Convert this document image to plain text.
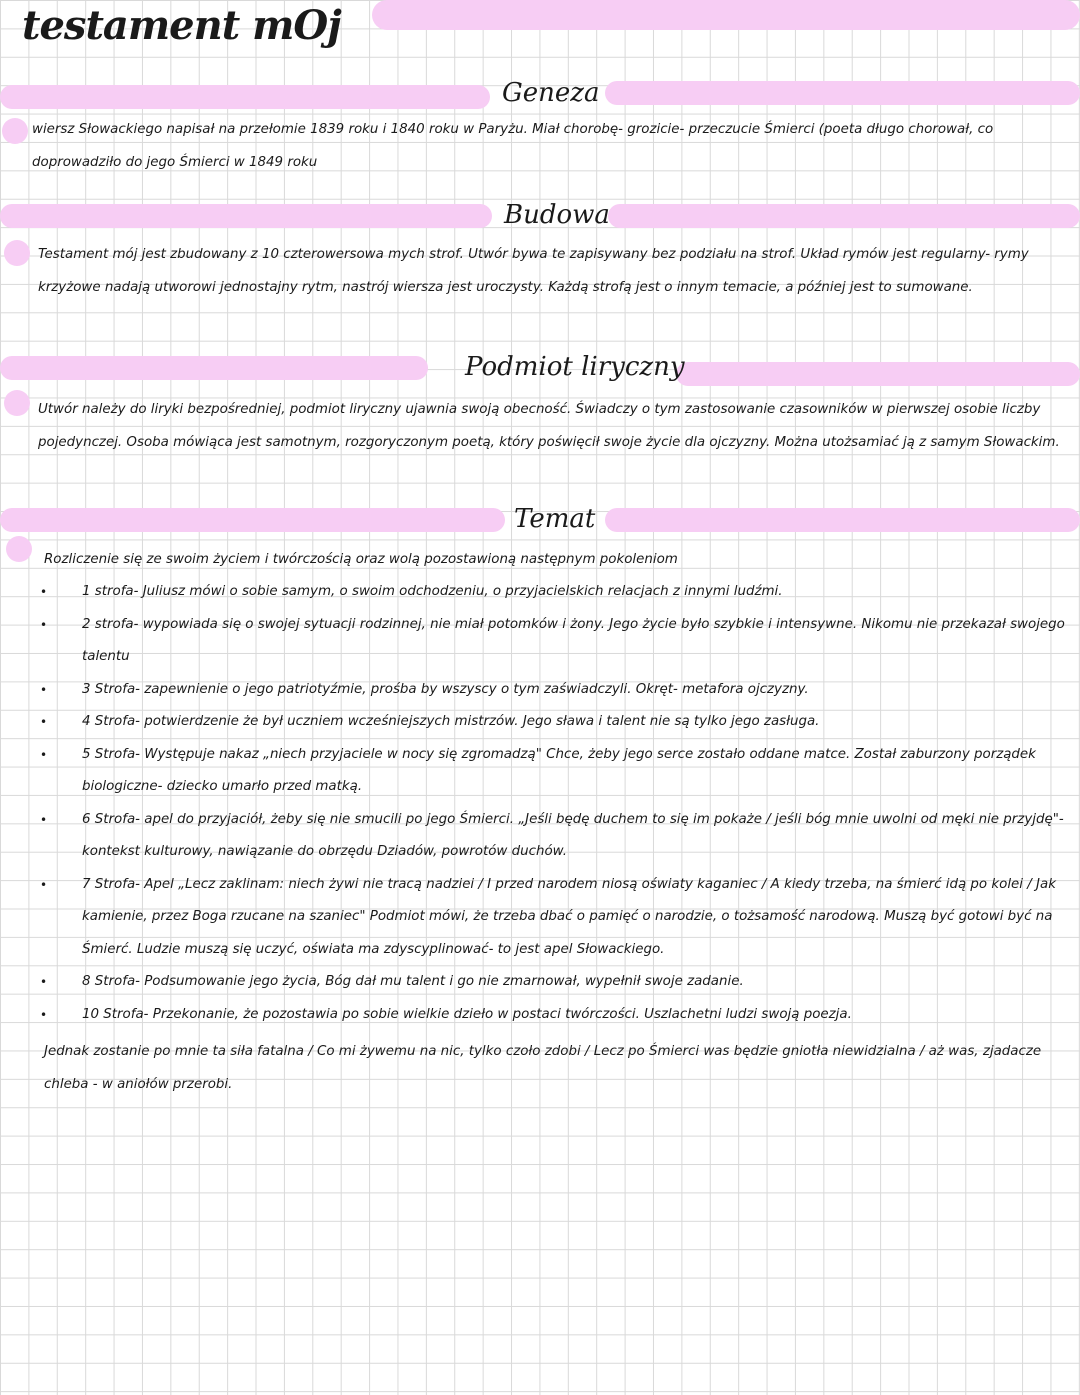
testament mOj
Geneza
wiersz Słowackiego napisał na przełomie 1839 roku i 1840 roku w Paryżu. Miał chorobę- grozicie- przeczucie Śmierci (poeta długo chorował, co doprowadziło do jego Śmierci w 1849 roku
Budowa
Testament mój jest zbudowany z 10 czterowersowa mych strof. Utwór bywa te zapisywany bez podziału na strof. Układ rymów jest regularny- rymy krzyżowe nadają utworowi jednostajny rytm, nastrój wiersza jest uroczysty. Każdą strofą jest o innym temacie, a później jest to sumowane.
Podmiot liryczny
Utwór należy do liryki bezpośredniej, podmiot liryczny ujawnia swoją obecność. Świadczy o tym zastosowanie czasowników w pierwszej osobie liczby pojedynczej. Osoba mówiąca jest samotnym, rozgoryczonym poetą, który poświęcił swoje życie dla ojczyzny. Można utożsamiać ją z samym Słowackim.
Temat
Rozliczenie się ze swoim życiem i twórczością oraz wolą pozostawioną następnym pokoleniom
• 1 strofa- Juliusz mówi o sobie samym, o swoim odchodzeniu, o przyjacielskich relacjach z innymi ludźmi.
• 2 strofa- wypowiada się o swojej sytuacji rodzinnej, nie miał potomków i żony. Jego życie było szybkie i intensywne. Nikomu nie przekazał swojego talentu
• 3 Strofa- zapewnienie o jego patriotyźmie, prośba by wszyscy o tym zaświadczyli. Okręt- metafora ojczyzny.
• 4 Strofa- potwierdzenie że był uczniem wcześniejszych mistrzów. Jego sława i talent nie są tylko jego zasługa.
• 5 Strofa- Występuje nakaz „niech przyjaciele w nocy się zgromadzą" Chce, żeby jego serce zostało oddane matce. Został zaburzony porządek biologiczne- dziecko umarło przed matką.
• 6 Strofa- apel do przyjaciół, żeby się nie smucili po jego Śmierci. „Jeśli będę duchem to się im pokaże / jeśli bóg mnie uwolni od męki nie przyjdę"- kontekst kulturowy, nawiązanie do obrzędu Dziadów, powrotów duchów.
• 7 Strofa- Apel „Lecz zaklinam: niech żywi nie tracą nadziei / I przed narodem niosą oświaty kaganiec / A kiedy trzeba, na śmierć idą po kolei / Jak kamienie, przez Boga rzucane na szaniec" Podmiot mówi, że trzeba dbać o pamięć o narodzie, o tożsamość narodową. Muszą być gotowi być na Śmierć. Ludzie muszą się uczyć, oświata ma zdyscyplinować- to jest apel Słowackiego.
• 8 Strofa- Podsumowanie jego życia, Bóg dał mu talent i go nie zmarnował, wypełnił swoje zadanie.
• 10 Strofa- Przekonanie, że pozostawia po sobie wielkie dzieło w postaci twórczości. Uszlachetni ludzi swoją poezja.
Jednak zostanie po mnie ta siła fatalna / Co mi żywemu na nic, tylko czoło zdobi / Lecz po Śmierci was będzie gniotła niewidzialna / aż was, zjadacze chleba - w aniołów przerobi.
